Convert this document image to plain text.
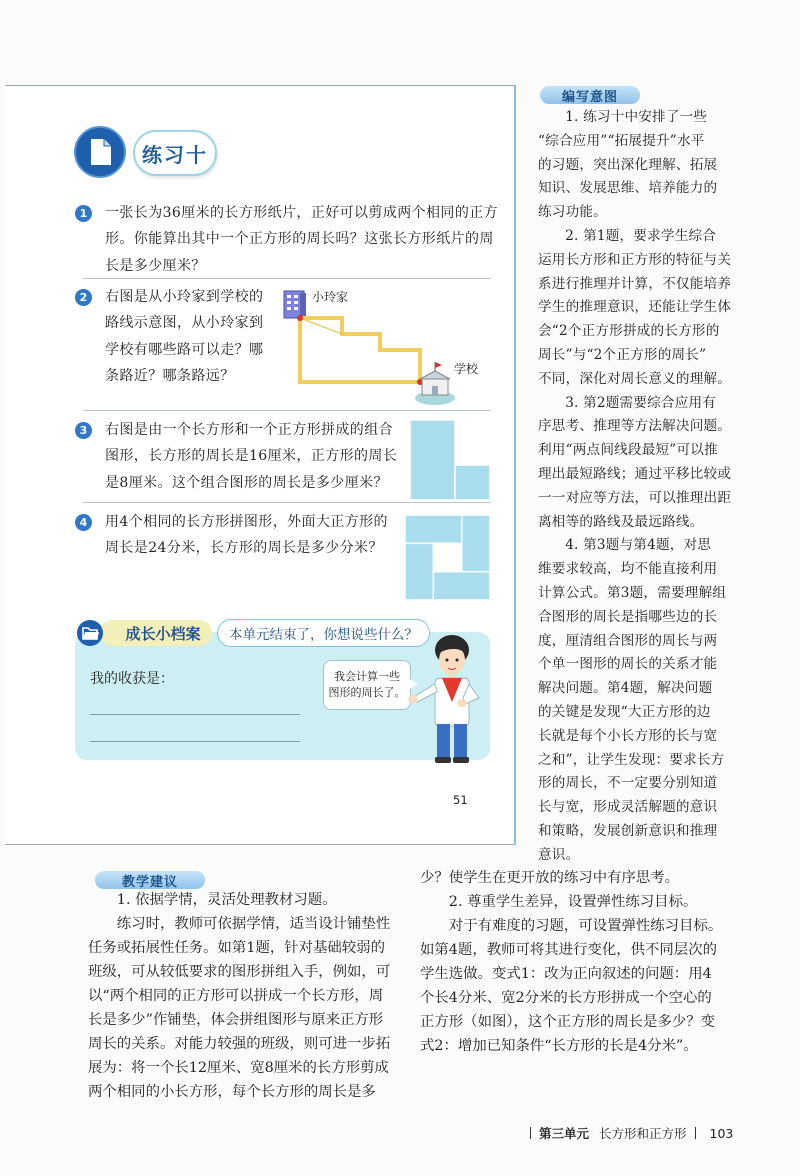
练习十
1	一张长为36厘米的长方形纸片，正好可以剪成两个相同的正方
形。你能算出其中一个正方形的周长吗？这张长方形纸片的周
长是多少厘米？
2	右图是从小玲家到学校的
路线示意图，从小玲家到
学校有哪些路可以走？哪
条路近？哪条路远？
小玲家
学校
3	右图是由一个长方形和一个正方形拼成的组合
图形，长方形的周长是16厘米，正方形的周长
是8厘米。这个组合图形的周长是多少厘米？
4	用4个相同的长方形拼图形，外面大正方形的
周长是24分米，长方形的周长是多少分米？
成长小档案	本单元结束了，你想说些什么？
我的收获是：	我会计算一些
图形的周长了。
51
编写意图
1. 练习十中安排了一些
“综合应用”“拓展提升”水平
的习题，突出深化理解、拓展
知识、发展思维、培养能力的
练习功能。
2. 第1题，要求学生综合
运用长方形和正方形的特征与关
系进行推理并计算，不仅能培养
学生的推理意识，还能让学生体
会“2个正方形拼成的长方形的
周长”与“2个正方形的周长”
不同，深化对周长意义的理解。
3. 第2题需要综合应用有
序思考、推理等方法解决问题。
利用“两点间线段最短”可以推
理出最短路线；通过平移比较或
一一对应等方法，可以推理出距
离相等的路线及最远路线。
4. 第3题与第4题，对思
维要求较高，均不能直接利用
计算公式。第3题，需要理解组
合图形的周长是指哪些边的长
度，厘清组合图形的周长与两
个单一图形的周长的关系才能
解决问题。第4题，解决问题
的关键是发现“大正方形的边
长就是每个小长方形的长与宽
之和”，让学生发现：要求长方
形的周长，不一定要分别知道
长与宽，形成灵活解题的意识
和策略，发展创新意识和推理
意识。
教学建议
1. 依据学情，灵活处理教材习题。
练习时，教师可依据学情，适当设计铺垫性
任务或拓展性任务。如第1题，针对基础较弱的
班级，可从较低要求的图形拼组入手，例如，可
以“两个相同的正方形可以拼成一个长方形，周
长是多少”作铺垫，体会拼组图形与原来正方形
周长的关系。对能力较强的班级，则可进一步拓
展为：将一个长12厘米、宽8厘米的长方形剪成
两个相同的小长方形，每个长方形的周长是多
少？使学生在更开放的练习中有序思考。
2. 尊重学生差异，设置弹性练习目标。
对于有难度的习题，可设置弹性练习目标。
如第4题，教师可将其进行变化，供不同层次的
学生选做。变式1：改为正向叙述的问题：用4
个长4分米、宽2分米的长方形拼成一个空心的
正方形（如图），这个正方形的周长是多少？变
式2：增加已知条件“长方形的长是4分米”。
第三单元 长方形和正方形 103
